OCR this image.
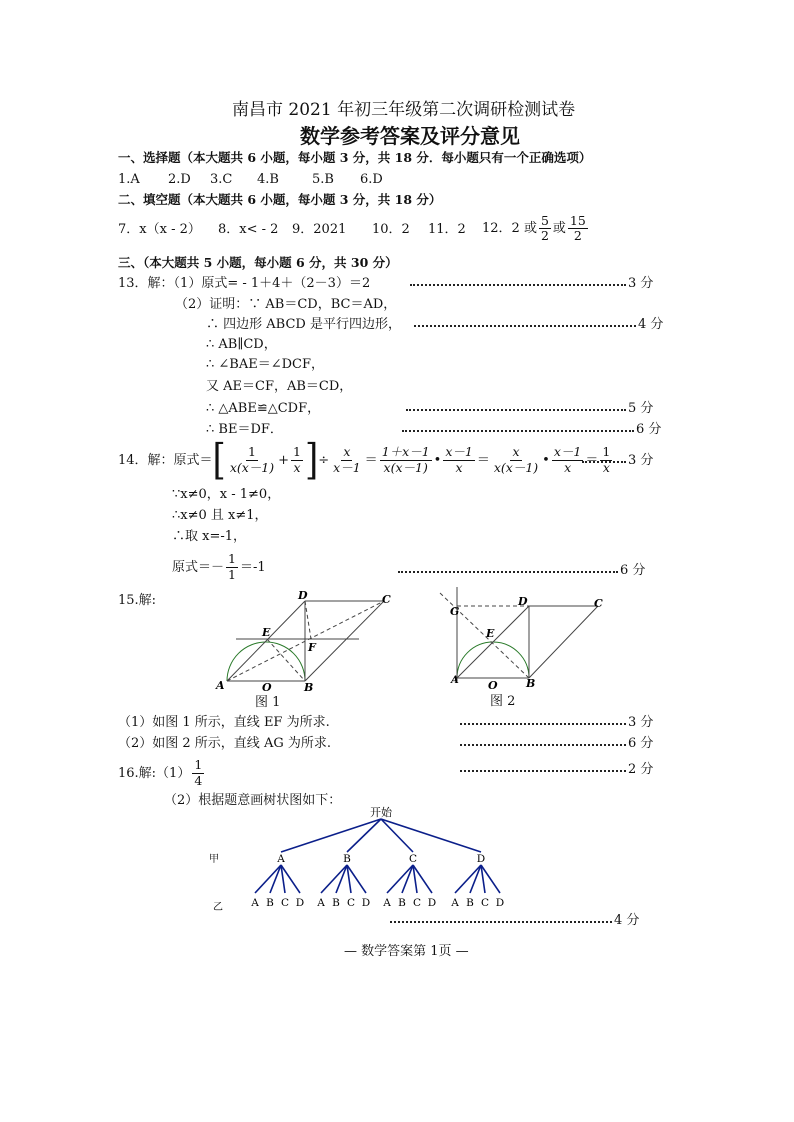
南昌市 2021 年初三年级第二次调研检测试卷
数学参考答案及评分意见
一、选择题（本大题共 6 小题，每小题 3 分，共 18 分．每小题只有一个正确选项）
1.A 2.D 3.C 4.B	5.B 6.D
二、填空题（本大题共 6 小题，每小题 3 分，共 18 分）
7．x（x - 2） 8．x< - 2 9．2021 10．2 11．2 12．2 或 $\frac{5}{2}$ 或 $\frac{15}{2}$
三、（本大题共 5 小题，每小题 6 分，共 30 分）
13．解：（1）原式= - 1＋4＋（2－3）＝2	3 分
（2）证明：∵ AB＝CD，BC＝AD，
∴ 四边形 ABCD 是平行四边形，	4 分
∴ AB∥CD，
∴ ∠BAE＝∠DCF，
又 AE＝CF，AB＝CD，
∴ △ABE≌△CDF，	5 分
∴ BE＝DF．	6 分
14．解：原式＝ [ $\frac{1}{x(x-1)} + \frac{1}{x}$ ] ÷ $\frac{x}{x-1} = \frac{1+x-1}{x(x-1)}$ • $\frac{x-1}{x} = \frac{x}{x(x-1)}$ • $\frac{x-1}{x} = \frac{1}{x} 3$ 分
∵x≠0，x - 1≠0，
∴x≠0 且 x≠1，
∴取 x=-1，
原式＝－ $\frac{1}{1} =-1$	6 分
15.解:
A	O	B
D	C
E
F
图 1
G
D	C
E
A	O	B
图 2
（1）如图 1 所示，直线 EF 为所求.	3 分
（2）如图 2 所示，直线 AG 为所求.	6 分
16.解:（1） $\frac{1}{4}$	2 分
（2）根据题意画树状图如下：
开始
甲
乙
A
A B C D
B
A B C D
C
A B C D
D
A B C D
4 分
— 数学答案第 1页 —
